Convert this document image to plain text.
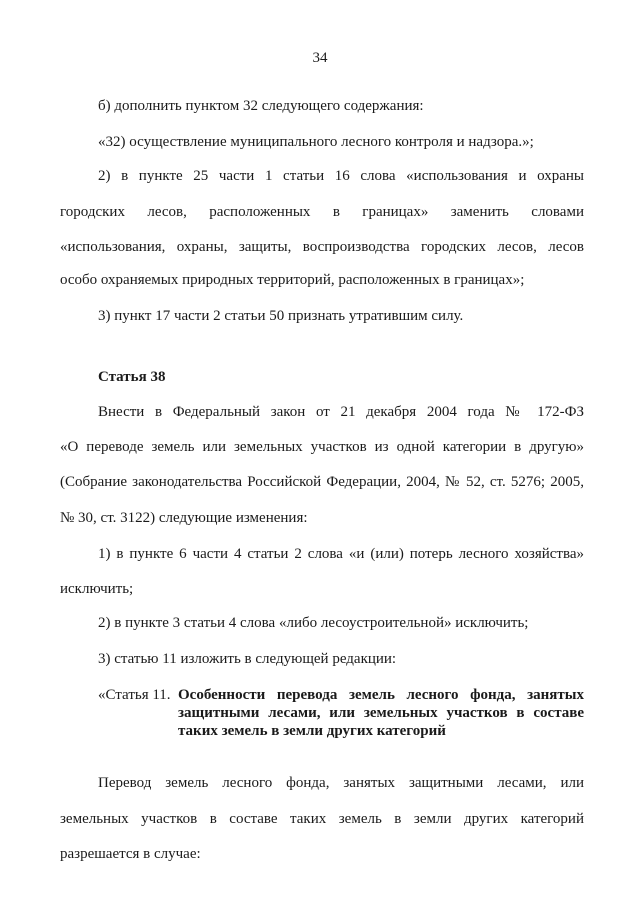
34
б) дополнить пунктом 32 следующего содержания:
«32) осуществление муниципального лесного контроля и надзора.»;
2) в пункте 25 части 1 статьи 16 слова «использования и охраны
городских лесов, расположенных в границах» заменить словами
«использования, охраны, защиты, воспроизводства городских лесов, лесов
особо охраняемых природных территорий, расположенных в границах»;
3) пункт 17 части 2 статьи 50 признать утратившим силу.
Статья 38
Внести в Федеральный закон от 21 декабря 2004 года № 172-ФЗ
«О переводе земель или земельных участков из одной категории в другую»
(Собрание законодательства Российской Федерации, 2004, № 52, ст. 5276; 2005,
№ 30, ст. 3122) следующие изменения:
1) в пункте 6 части 4 статьи 2 слова «и (или) потерь лесного хозяйства»
исключить;
2) в пункте 3 статьи 4 слова «либо лесоустроительной» исключить;
3) статью 11 изложить в следующей редакции:
«Статья 11. Особенности перевода земель лесного фонда, занятых
защитными лесами, или земельных участков в составе
таких земель в земли других категорий
Перевод земель лесного фонда, занятых защитными лесами, или
земельных участков в составе таких земель в земли других категорий
разрешается в случае:
